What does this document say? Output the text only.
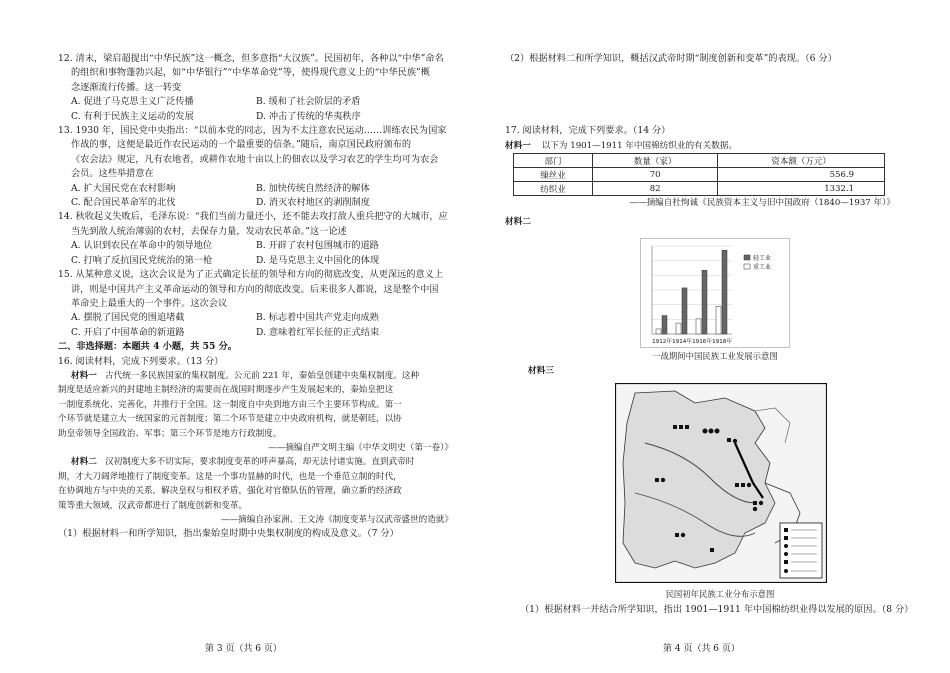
12. 清末，梁启超提出“中华民族”这一概念，但多意指“大汉族”。民国初年，各种以“中华”命名
的组织和事物蓬勃兴起，如“中华银行”“中华革命党”等，使得现代意义上的“中华民族”概
念逐渐流行传播。这一转变
A. 促进了马克思主义广泛传播	B. 缓和了社会阶层的矛盾
C. 有利于民族主义运动的发展	D. 冲击了传统的华夷秩序
13. 1930 年，国民党中央指出：“以前本党的同志，因为不太注意农民运动……训练农民为国家
作战的事，这便是最近作农民运动的一个最重要的信条。”随后，南京国民政府颁布的
《农会法》规定，凡有农地者，或耕作农地十亩以上的佃农以及学习农艺的学生均可为农会
会员。这些举措意在
A. 扩大国民党在农村影响	B. 加快传统自然经济的解体
C. 配合国民革命军的北伐	D. 消灭农村地区的剥削制度
14. 秋收起义失败后，毛泽东说：“我们当前力量还小，还不能去攻打敌人重兵把守的大城市，应
当先到敌人统治薄弱的农村，去保存力量，发动农民革命。”这一论述
A. 认识到农民在革命中的领导地位	B. 开辟了农村包围城市的道路
C. 打响了反抗国民党统治的第一枪	D. 是马克思主义中国化的体现
15. 从某种意义说，这次会议是为了正式确定长征的领导和方向的彻底改变，从更深远的意义上
讲，则是中国共产主义革命运动的领导和方向的彻底改变。后来很多人都说，这是整个中国
革命史上最重大的一个事件。这次会议
A. 摆脱了国民党的围追堵截	B. 标志着中国共产党走向成熟
C. 开启了中国革命的新道路	D. 意味着红军长征的正式结束
二、非选择题：本题共 4 小题，共 55 分。
16. 阅读材料，完成下列要求。（13 分）
材料一 古代统一多民族国家的集权制度。公元前 221 年，秦始皇创建中央集权制度。这种
制度是适应新兴的封建地主制经济的需要而在战国时期逐步产生发展起来的，秦始皇把这
一制度系统化、完善化，并推行于全国。这一制度自中央到地方由三个主要环节构成。第一
个环节就是建立大一统国家的元首制度；第二个环节是建立中央政府机构，就是朝廷，以协
助皇帝领导全国政治、军事；第三个环节是地方行政制度。
——摘编自严文明主编《中华文明史（第一卷）》
材料二 汉初制度大多不切实际，要求制度变革的呼声暴高，却无法付诸实施。直到武帝时
期，才大刀阔斧地推行了制度变革。这是一个事功显赫的时代，也是一个垂范立制的时代，
在协调地方与中央的关系，解决皇权与相权矛盾，强化对官僚队伍的管理，确立新的经济政
策等重大领域，汉武帝都进行了制度创新和变革。
——摘编自孙家洲、王文涛《制度变革与汉武帝盛世的造就》
（1）根据材料一和所学知识，指出秦始皇时期中央集权制度的构成及意义。（7 分）
第 3 页（共 6 页）
（2）根据材料二和所学知识，概括汉武帝时期“制度创新和变革”的表现。（6 分）
17. 阅读材料，完成下列要求。（14 分）
材料一 以下为 1901—1911 年中国棉纺织业的有关数据。
部门	数量（家）	资本额（万元）
缫丝业	70	556.9
纺织业	82	1332.1
——摘编自杜恂诚《民族资本主义与旧中国政府（1840—1937 年）》
材料二
1912年 1914年 1916年 1918年
轻工业
重工业
一战期间中国民族工业发展示意图
材料三
民国初年民族工业分布示意图
（1）根据材料一并结合所学知识，指出 1901—1911 年中国棉纺织业得以发展的原因。（8 分）
第 4 页（共 6 页）
